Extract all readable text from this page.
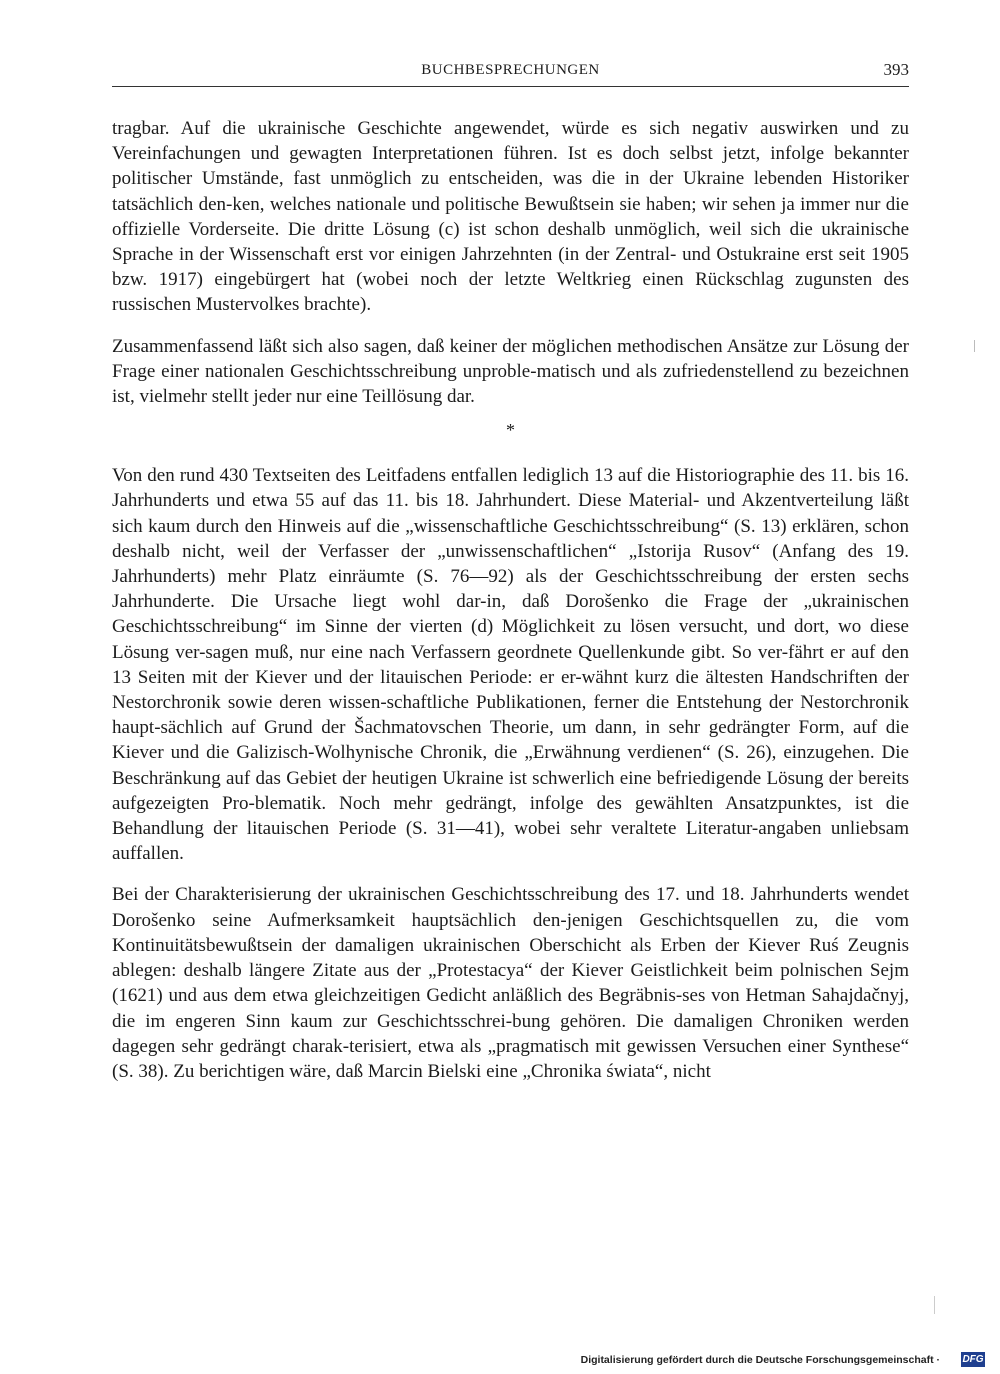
BUCHBESPRECHUNGEN	393

tragbar. Auf die ukrainische Geschichte angewendet, würde es sich negativ auswirken und zu Vereinfachungen und gewagten Interpretationen führen. Ist es doch selbst jetzt, infolge bekannter politischer Umstände, fast unmöglich zu entscheiden, was die in der Ukraine lebenden Historiker tatsächlich den-ken, welches nationale und politische Bewußtsein sie haben; wir sehen ja immer nur die offizielle Vorderseite. Die dritte Lösung (c) ist schon deshalb unmöglich, weil sich die ukrainische Sprache in der Wissenschaft erst vor einigen Jahrzehnten (in der Zentral- und Ostukraine erst seit 1905 bzw. 1917) eingebürgert hat (wobei noch der letzte Weltkrieg einen Rückschlag zugunsten des russischen Mustervolkes brachte).

Zusammenfassend läßt sich also sagen, daß keiner der möglichen methodischen Ansätze zur Lösung der Frage einer nationalen Geschichtsschreibung unproble-matisch und als zufriedenstellend zu bezeichnen ist, vielmehr stellt jeder nur eine Teillösung dar.

*

Von den rund 430 Textseiten des Leitfadens entfallen lediglich 13 auf die Historiographie des 11. bis 16. Jahrhunderts und etwa 55 auf das 11. bis 18. Jahrhundert. Diese Material- und Akzentverteilung läßt sich kaum durch den Hinweis auf die „wissenschaftliche Geschichtsschreibung“ (S. 13) erklären, schon deshalb nicht, weil der Verfasser der „unwissenschaftlichen“ „Istorija Rusov“ (Anfang des 19. Jahrhunderts) mehr Platz einräumte (S. 76—92) als der Geschichtsschreibung der ersten sechs Jahrhunderte. Die Ursache liegt wohl dar-in, daß Dorošenko die Frage der „ukrainischen Geschichtsschreibung“ im Sinne der vierten (d) Möglichkeit zu lösen versucht, und dort, wo diese Lösung ver-sagen muß, nur eine nach Verfassern geordnete Quellenkunde gibt. So ver-fährt er auf den 13 Seiten mit der Kiever und der litauischen Periode: er er-wähnt kurz die ältesten Handschriften der Nestorchronik sowie deren wissen-schaftliche Publikationen, ferner die Entstehung der Nestorchronik haupt-sächlich auf Grund der Šachmatovschen Theorie, um dann, in sehr gedrängter Form, auf die Kiever und die Galizisch-Wolhynische Chronik, die „Erwähnung verdienen“ (S. 26), einzugehen. Die Beschränkung auf das Gebiet der heutigen Ukraine ist schwerlich eine befriedigende Lösung der bereits aufgezeigten Pro-blematik. Noch mehr gedrängt, infolge des gewählten Ansatzpunktes, ist die Behandlung der litauischen Periode (S. 31—41), wobei sehr veraltete Literatur-angaben unliebsam auffallen.

Bei der Charakterisierung der ukrainischen Geschichtsschreibung des 17. und 18. Jahrhunderts wendet Dorošenko seine Aufmerksamkeit hauptsächlich den-jenigen Geschichtsquellen zu, die vom Kontinuitätsbewußtsein der damaligen ukrainischen Oberschicht als Erben der Kiever Ruś Zeugnis ablegen: deshalb längere Zitate aus der „Protestacya“ der Kiever Geistlichkeit beim polnischen Sejm (1621) und aus dem etwa gleichzeitigen Gedicht anläßlich des Begräbnis-ses von Hetman Sahajdačnyj, die im engeren Sinn kaum zur Geschichtsschrei-bung gehören. Die damaligen Chroniken werden dagegen sehr gedrängt charak-terisiert, etwa als „pragmatisch mit gewissen Versuchen einer Synthese“ (S. 38). Zu berichtigen wäre, daß Marcin Bielski eine „Chronika świata“, nicht

Digitalisierung gefördert durch die Deutsche Forschungsgemeinschaft · DFG
